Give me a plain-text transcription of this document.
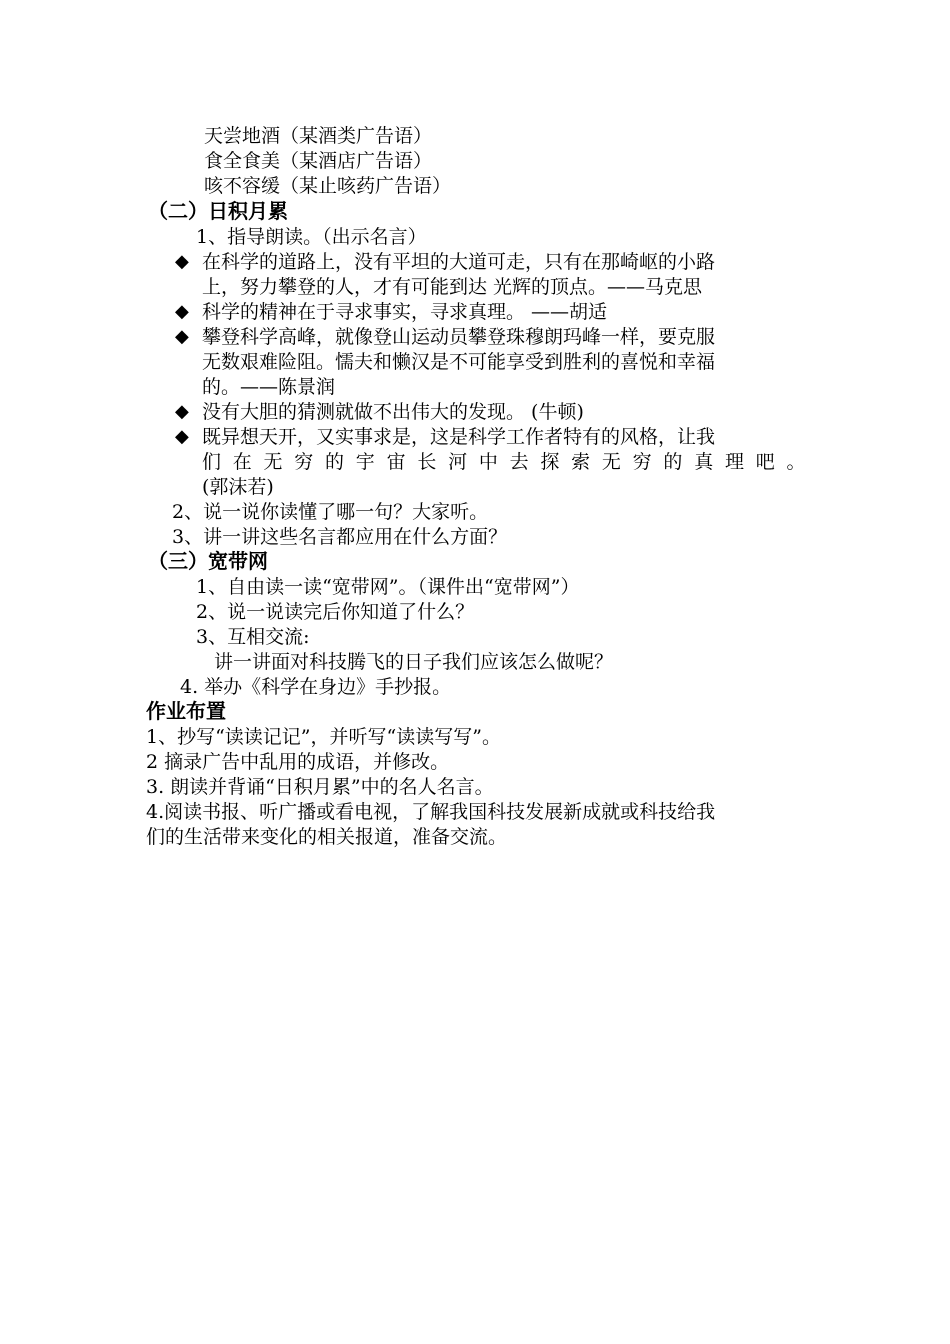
天尝地酒（某酒类广告语）
食全食美（某酒店广告语）
咳不容缓（某止咳药广告语）
（二）日积月累
1、指导朗读。（出示名言）
◆ 在科学的道路上，没有平坦的大道可走，只有在那崎岖的小路
上，努力攀登的人，才有可能到达 光辉的顶点。——马克思
◆ 科学的精神在于寻求事实，寻求真理。 ——胡适
◆ 攀登科学高峰，就像登山运动员攀登珠穆朗玛峰一样，要克服
无数艰难险阻。懦夫和懒汉是不可能享受到胜利的喜悦和幸福
的。——陈景润
◆ 没有大胆的猜测就做不出伟大的发现。 (牛顿)
◆ 既异想天开，又实事求是，这是科学工作者特有的风格，让我
们在无穷的宇宙长河中去探索无穷的真理吧。
(郭沫若)
2、说一说你读懂了哪一句？大家听。
3、讲一讲这些名言都应用在什么方面？
（三）宽带网
1、自由读一读“宽带网”。（课件出“宽带网”）
2、说一说读完后你知道了什么？
3、互相交流:
讲一讲面对科技腾飞的日子我们应该怎么做呢？
4. 举办《科学在身边》手抄报。
作业布置
1、抄写“读读记记”，并听写“读读写写”。
2 摘录广告中乱用的成语，并修改。
3. 朗读并背诵“日积月累”中的名人名言。
4.阅读书报、听广播或看电视，了解我国科技发展新成就或科技给我
们的生活带来变化的相关报道，准备交流。
